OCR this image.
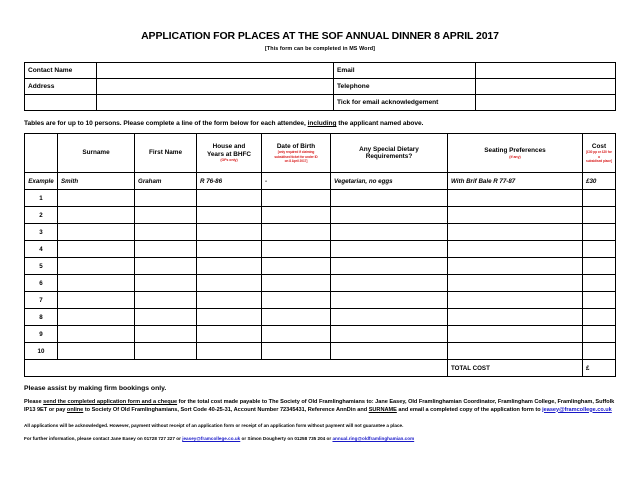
APPLICATION FOR PLACES AT THE SOF ANNUAL DINNER 8 APRIL 2017
[This form can be completed in MS Word]
Contact Name		Email	
Address		Telephone	
		Tick for email acknowledgement	
Tables are for up to 10 persons. Please complete a line of the form below for each attendee, including the applicant named above.
	Surname	First Name	House and
Years at BHFC
(OFs only)	Date of Birth
[only required if claiming
subsidised ticket for under ID
on 8 April 2017]	Any Special Dietary
Requirements?	Seating Preferences
(if any)	Cost
[£30 pp or £20 for a
subsidised place]

Example	Smith	Graham	R 76-86	-	Vegetarian, no eggs	With Brif Bale R 77-87	£30
1							
2							
3							
4							
5							
6							
7							
8							
9							
10							
						TOTAL COST	£
Please assist by making firm bookings only.
Please send the completed application form and a cheque for the total cost made payable to The Society of Old Framlinghamians to: Jane Easey, Old Framlinghamian Coordinator, Framlingham College, Framlingham, Suffolk IP13 9ET or pay online to Society Of Old Framlinghamians, Sort Code 40-25-31, Account Number 72345431, Reference AnnDin and SURNAME and email a completed copy of the application form to jeasey@framcollege.co.uk
All applications will be acknowledged. However, payment without receipt of an application form or receipt of an application form without payment will not guarantee a place.
For further information, please contact Jane Easey on 01728 727 227 or jeasey@framcollege.co.uk or Simon Dougherty on 01258 735 204 or annual.ring@oldframlinghamian.com
